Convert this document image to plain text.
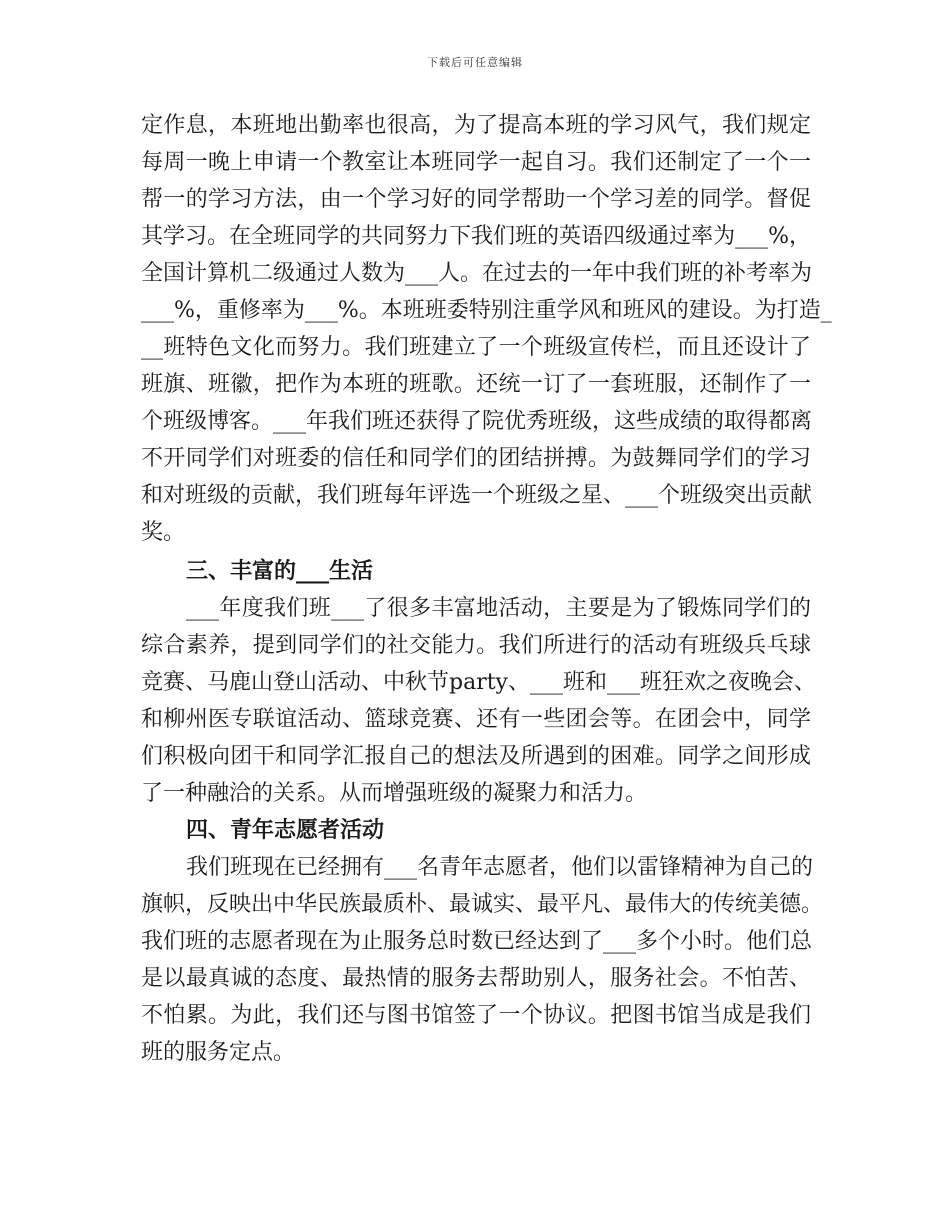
下载后可任意编辑
定作息，本班地出勤率也很高，为了提高本班的学习风气，我们规定
每周一晚上申请一个教室让本班同学一起自习。我们还制定了一个一
帮一的学习方法，由一个学习好的同学帮助一个学习差的同学。督促
其学习。在全班同学的共同努力下我们班的英语四级通过率为___%，
全国计算机二级通过人数为___人。在过去的一年中我们班的补考率为
___%，重修率为___%。本班班委特别注重学风和班风的建设。为打造_
__班特色文化而努力。我们班建立了一个班级宣传栏，而且还设计了
班旗、班徽，把作为本班的班歌。还统一订了一套班服，还制作了一
个班级博客。___年我们班还获得了院优秀班级，这些成绩的取得都离
不开同学们对班委的信任和同学们的团结拼搏。为鼓舞同学们的学习
和对班级的贡献，我们班每年评选一个班级之星、___个班级突出贡献
奖。
三、丰富的___生活
___年度我们班___了很多丰富地活动，主要是为了锻炼同学们的
综合素养，提到同学们的社交能力。我们所进行的活动有班级兵乓球
竞赛、马鹿山登山活动、中秋节party、___班和___班狂欢之夜晚会、
和柳州医专联谊活动、篮球竞赛、还有一些团会等。在团会中，同学
们积极向团干和同学汇报自己的想法及所遇到的困难。同学之间形成
了一种融洽的关系。从而增强班级的凝聚力和活力。
四、青年志愿者活动
我们班现在已经拥有___名青年志愿者，他们以雷锋精神为自己的
旗帜，反映出中华民族最质朴、最诚实、最平凡、最伟大的传统美德。
我们班的志愿者现在为止服务总时数已经达到了___多个小时。他们总
是以最真诚的态度、最热情的服务去帮助别人，服务社会。不怕苦、
不怕累。为此，我们还与图书馆签了一个协议。把图书馆当成是我们
班的服务定点。
